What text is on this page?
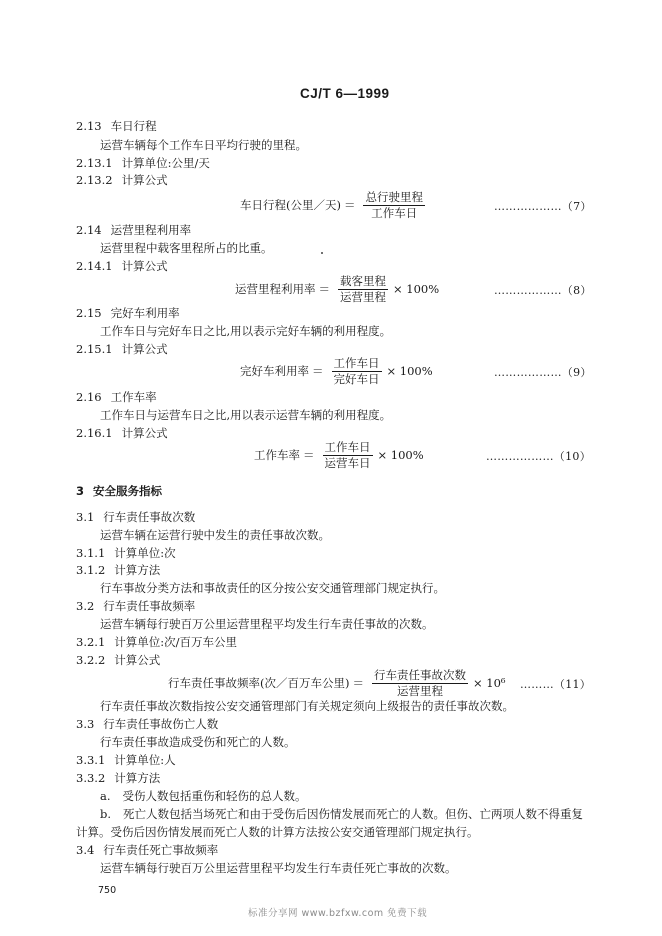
CJ/T 6—1999
2.13 车日行程
运营车辆每个工作车日平均行驶的里程。
2.13.1 计算单位:公里/天
2.13.2 计算公式
车日行程(公里／天) ＝ $\frac{\text{总行驶里程}}{\text{工作车日}}$	………………（7）
2.14 运营里程利用率
运营里程中载客里程所占的比重。
2.14.1 计算公式
运营里程利用率 ＝ $\frac{\text{载客里程}}{\text{运营里程}} \times 100\%$	………………（8）
2.15 完好车利用率
工作车日与完好车日之比,用以表示完好车辆的利用程度。
2.15.1 计算公式
完好车利用率 ＝ $\frac{\text{工作车日}}{\text{完好车日}} \times 100\%$	………………（9）
2.16 工作车率
工作车日与运营车日之比,用以表示运营车辆的利用程度。
2.16.1 计算公式
工作车率 ＝ $\frac{\text{工作车日}}{\text{运营车日}} \times 100\%$	………………（10）
3 安全服务指标
3.1 行车责任事故次数
运营车辆在运营行驶中发生的责任事故次数。
3.1.1 计算单位:次
3.1.2 计算方法
行车事故分类方法和事故责任的区分按公安交通管理部门规定执行。
3.2 行车责任事故频率
运营车辆每行驶百万公里运营里程平均发生行车责任事故的次数。
3.2.1 计算单位:次/百万车公里
3.2.2 计算公式
行车责任事故频率(次／百万车公里) ＝ $\frac{\text{行车责任事故次数}}{\text{运营里程}} \times 10^6$ ………（11）
行车责任事故次数指按公安交通管理部门有关规定须向上级报告的责任事故次数。
3.3 行车责任事故伤亡人数
行车责任事故造成受伤和死亡的人数。
3.3.1 计算单位:人
3.3.2 计算方法
a. 受伤人数包括重伤和轻伤的总人数。
b. 死亡人数包括当场死亡和由于受伤后因伤情发展而死亡的人数。但伤、亡两项人数不得重复
计算。受伤后因伤情发展而死亡人数的计算方法按公安交通管理部门规定执行。
3.4 行车责任死亡事故频率
运营车辆每行驶百万公里运营里程平均发生行车责任死亡事故的次数。
750
标准分享网 www.bzfxw.com 免费下载
